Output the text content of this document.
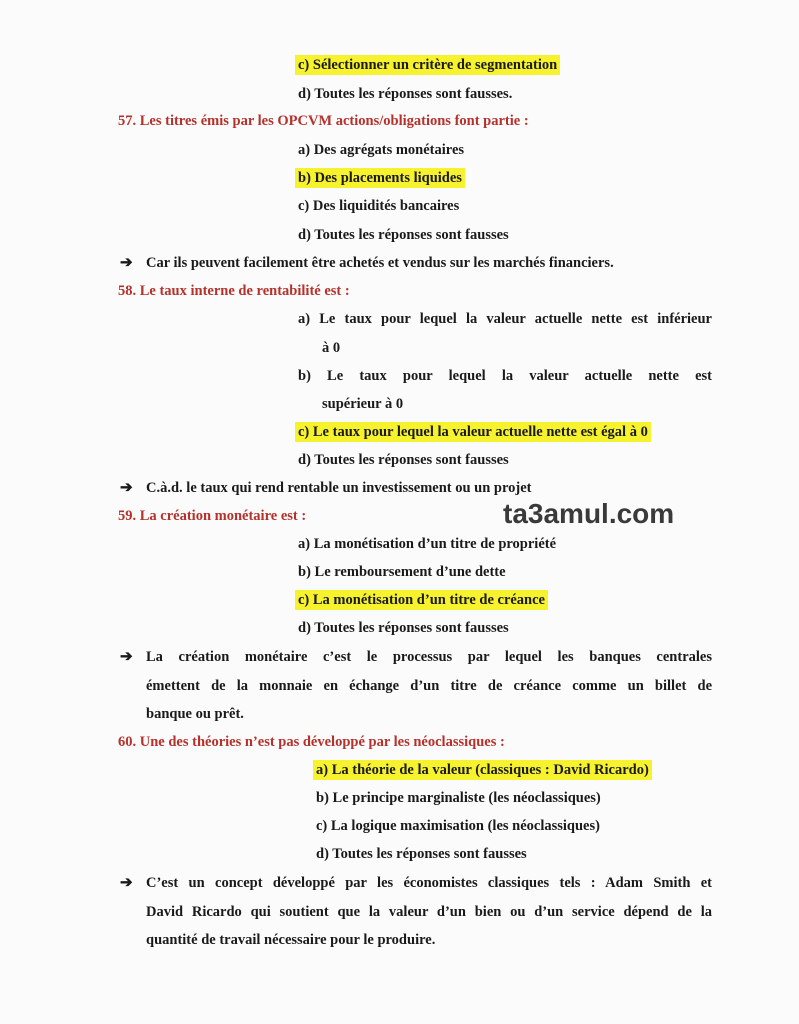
c) Sélectionner un critère de segmentation
d) Toutes les réponses sont fausses.
57. Les titres émis par les OPCVM actions/obligations font partie :
a) Des agrégats monétaires
b) Des placements liquides
c) Des liquidités bancaires
d) Toutes les réponses sont fausses
➔ Car ils peuvent facilement être achetés et vendus sur les marchés financiers.
58. Le taux interne de rentabilité est :
a) Le taux pour lequel la valeur actuelle nette est inférieur
à 0
b) Le taux pour lequel la valeur actuelle nette est
supérieur à 0
c) Le taux pour lequel la valeur actuelle nette est égal à 0
d) Toutes les réponses sont fausses
➔ C.à.d. le taux qui rend rentable un investissement ou un projet
ta3amul.com
59. La création monétaire est :
a) La monétisation d’un titre de propriété
b) Le remboursement d’une dette
c) La monétisation d’un titre de créance
d) Toutes les réponses sont fausses
➔ La création monétaire c’est le processus par lequel les banques centrales
émettent de la monnaie en échange d’un titre de créance comme un billet de
banque ou prêt.
60. Une des théories n’est pas développé par les néoclassiques :
a) La théorie de la valeur (classiques : David Ricardo)
b) Le principe marginaliste (les néoclassiques)
c) La logique maximisation (les néoclassiques)
d) Toutes les réponses sont fausses
➔ C’est un concept développé par les économistes classiques tels : Adam Smith et
David Ricardo qui soutient que la valeur d’un bien ou d’un service dépend de la
quantité de travail nécessaire pour le produire.
